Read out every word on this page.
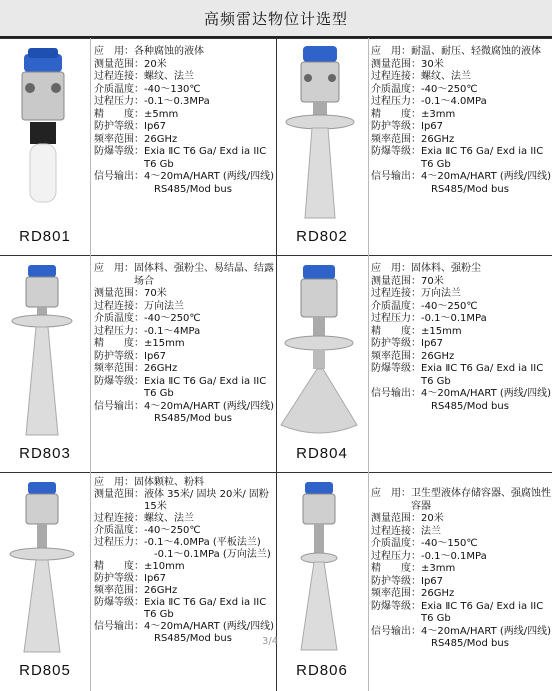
高频雷达物位计选型
RD801
应　用： 各种腐蚀的液体
测量范围： 20米
过程连接： 螺纹、法兰
介质温度： -40～130℃
过程压力： -0.1～0.3MPa
精　　度： ±5mm
防护等级： Ip67
频率范围： 26GHz
防爆等级： Exia ⅡC T6 Ga/ Exd ia IIC T6 Gb
信号输出： 4～20mA/HART (两线/四线)
RS485/Mod bus
RD802
应　用： 耐温、耐压、轻微腐蚀的液体
测量范围： 30米
过程连接： 螺纹、法兰
介质温度： -40～250℃
过程压力： -0.1～4.0MPa
精　　度： ±3mm
防护等级： Ip67
频率范围： 26GHz
防爆等级： Exia ⅡC T6 Ga/ Exd ia IIC T6 Gb
信号输出： 4～20mA/HART (两线/四线)
RS485/Mod bus
RD803
应　用： 固体料、强粉尘、易结晶、结露场合
测量范围： 70米
过程连接： 万向法兰
介质温度： -40～250℃
过程压力： -0.1～4MPa
精　　度： ±15mm
防护等级： Ip67
频率范围： 26GHz
防爆等级： Exia ⅡC T6 Ga/ Exd ia IIC T6 Gb
信号输出： 4～20mA/HART (两线/四线)
RS485/Mod bus
RD804
应　用： 固体料、强粉尘
测量范围： 70米
过程连接： 万向法兰
介质温度： -40～250℃
过程压力： -0.1～0.1MPa
精　　度： ±15mm
防护等级： Ip67
频率范围： 26GHz
防爆等级： Exia ⅡC T6 Ga/ Exd ia IIC T6 Gb
信号输出： 4～20mA/HART (两线/四线)
RS485/Mod bus
RD805
应　用： 固体颗粒、粉料
测量范围： 液体 35米/ 固块 20米/ 固粉 15米
过程连接： 螺纹、法兰
介质温度： -40～250℃
过程压力： -0.1～4.0MPa (平板法兰)
-0.1～0.1MPa (万向法兰)
精　　度： ±10mm
防护等级： Ip67
频率范围： 26GHz
防爆等级： Exia ⅡC T6 Ga/ Exd ia IIC T6 Gb
信号输出： 4～20mA/HART (两线/四线)
RS485/Mod bus
RD806
应　用： 卫生型液体存储容器、强腐蚀性容器
测量范围： 20米
过程连接： 法兰
介质温度： -40～150℃
过程压力： -0.1～0.1MPa
精　　度： ±3mm
防护等级： Ip67
频率范围： 26GHz
防爆等级： Exia ⅡC T6 Ga/ Exd ia IIC T6 Gb
信号输出： 4～20mA/HART (两线/四线)
RS485/Mod bus
3/4
